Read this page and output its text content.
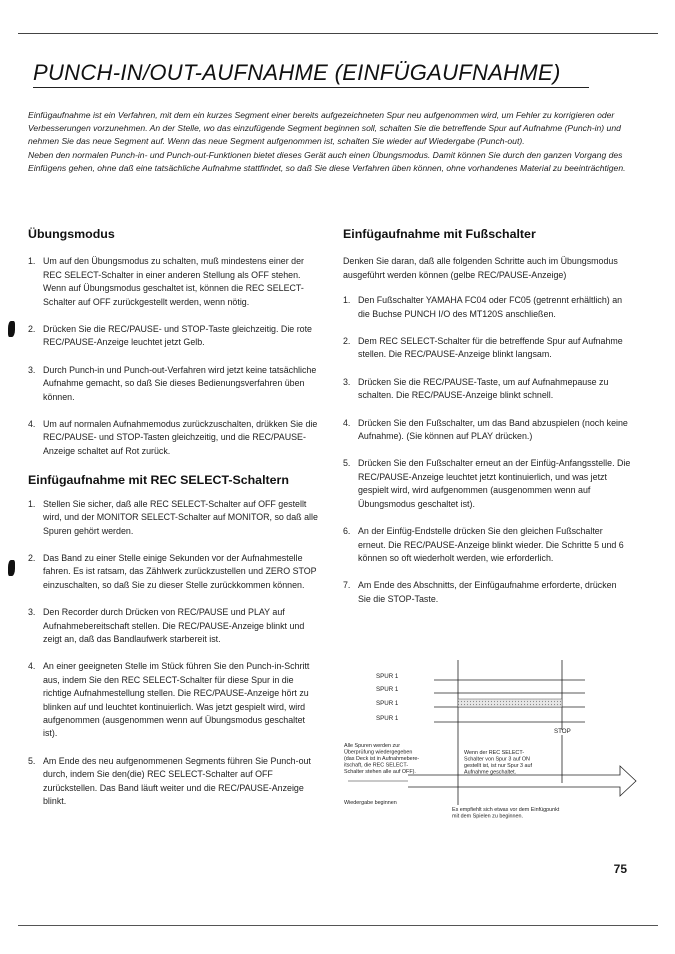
PUNCH-IN/OUT-AUFNAHME (EINFÜGAUFNAHME)

Einfügaufnahme ist ein Verfahren, mit dem ein kurzes Segment einer bereits aufgezeichneten Spur neu aufgenommen wird, um Fehler zu korrigieren oder Verbesserungen vorzunehmen. An der Stelle, wo das einzufügende Segment beginnen soll, schalten Sie die betreffende Spur auf Aufnahme (Punch-in) und nehmen Sie das neue Segment auf. Wenn das neue Segment aufgenommen ist, schalten Sie wieder auf Wiedergabe (Punch-out).

Neben den normalen Punch-in- und Punch-out-Funktionen bietet dieses Gerät auch einen Übungsmodus. Damit können Sie durch den ganzen Vorgang des Einfügens gehen, ohne daß eine tatsächliche Aufnahme stattfindet, so daß Sie diese Verfahren üben können, ohne vorhandenes Material zu beeinträchtigen.

Übungsmodus
1. Um auf den Übungsmodus zu schalten, muß mindestens einer der REC SELECT-Schalter in einer anderen Stellung als OFF stehen. Wenn auf Übungsmodus geschaltet ist, können die REC SELECT-Schalter auf OFF zurückgestellt werden, wenn nötig.
2. Drücken Sie die REC/PAUSE- und STOP-Taste gleichzeitig. Die rote REC/PAUSE-Anzeige leuchtet jetzt Gelb.
3. Durch Punch-in und Punch-out-Verfahren wird jetzt keine tatsächliche Aufnahme gemacht, so daß Sie dieses Bedienungsverfahren üben können.
4. Um auf normalen Aufnahmemodus zurückzuschalten, drükken Sie die REC/PAUSE- und STOP-Tasten gleichzeitig, und die REC/PAUSE-Anzeige schaltet auf Rot zurück.
Einfügaufnahme mit REC SELECT-Schaltern
1. Stellen Sie sicher, daß alle REC SELECT-Schalter auf OFF gestellt wird, und der MONITOR SELECT-Schalter auf MONITOR, so daß alle Spuren gehört werden.
2. Das Band zu einer Stelle einige Sekunden vor der Aufnahmestelle fahren. Es ist ratsam, das Zählwerk zurückzustellen und ZERO STOP einzuschalten, so daß Sie zu dieser Stelle zurückkommen können.
3. Den Recorder durch Drücken von REC/PAUSE und PLAY auf Aufnahmebereitschaft stellen. Die REC/PAUSE-Anzeige blinkt und zeigt an, daß das Bandlaufwerk starbereit ist.
4. An einer geeigneten Stelle im Stück führen Sie den Punch-in-Schritt aus, indem Sie den REC SELECT-Schalter für diese Spur in die richtige Aufnahmestellung stellen. Die REC/PAUSE-Anzeige hört zu blinken auf und leuchtet kontinuierlich. Was jetzt gespielt wird, wird aufgenommen (ausgenommen wenn auf Übungsmodus geschaltet ist).
5. Am Ende des neu aufgenommenen Segments führen Sie Punch-out durch, indem Sie den(die) REC SELECT-Schalter auf OFF zurückstellen. Das Band läuft weiter und die REC/PAUSE-Anzeige blinkt.
Einfügaufnahme mit Fußschalter

Denken Sie daran, daß alle folgenden Schritte auch im Übungsmodus ausgeführt werden können (gelbe REC/PAUSE-Anzeige)

1. Den Fußschalter YAMAHA FC04 oder FC05 (getrennt erhältlich) an die Buchse PUNCH I/O des MT120S anschließen.
2. Dem REC SELECT-Schalter für die betreffende Spur auf Aufnahme stellen. Die REC/PAUSE-Anzeige blinkt langsam.
3. Drücken Sie die REC/PAUSE-Taste, um auf Aufnahmepause zu schalten. Die REC/PAUSE-Anzeige blinkt schnell.
4. Drücken Sie den Fußschalter, um das Band abzuspielen (noch keine Aufnahme). (Sie können auf PLAY drücken.)
5. Drücken Sie den Fußschalter erneut an der Einfüg-Anfangsstelle. Die REC/PAUSE-Anzeige leuchtet jetzt kontinuierlich, und was jetzt gespielt wird, wird aufgenommen (ausgenommen wenn auf Übungsmodus geschaltet ist).
6. An der Einfüg-Endstelle drücken Sie den gleichen Fußschalter erneut. Die REC/PAUSE-Anzeige blinkt wieder. Die Schritte 5 und 6 können so oft wiederholt werden, wie erforderlich.
7. Am Ende des Abschnitts, der Einfügaufnahme erforderte, drücken Sie die STOP-Taste.
SPUR 1
SPUR 1
SPUR 1
SPUR 1
STOP
Alle Spuren werden zur
Überprüfung wiedergegeben
(das Deck ist in Aufnahmebere-
itschaft, die REC SELECT-
Schalter stehen alle auf OFF).
Wenn der REC SELECT-
Schalter von Spur 3 auf ON
gestellt ist, ist nur Spur 3 auf
Aufnahme geschaltet.
Wiedergabe beginnen
Es empfiehlt sich etwas vor dem Einfügpunkt
mit dem Spielen zu beginnen.
75
